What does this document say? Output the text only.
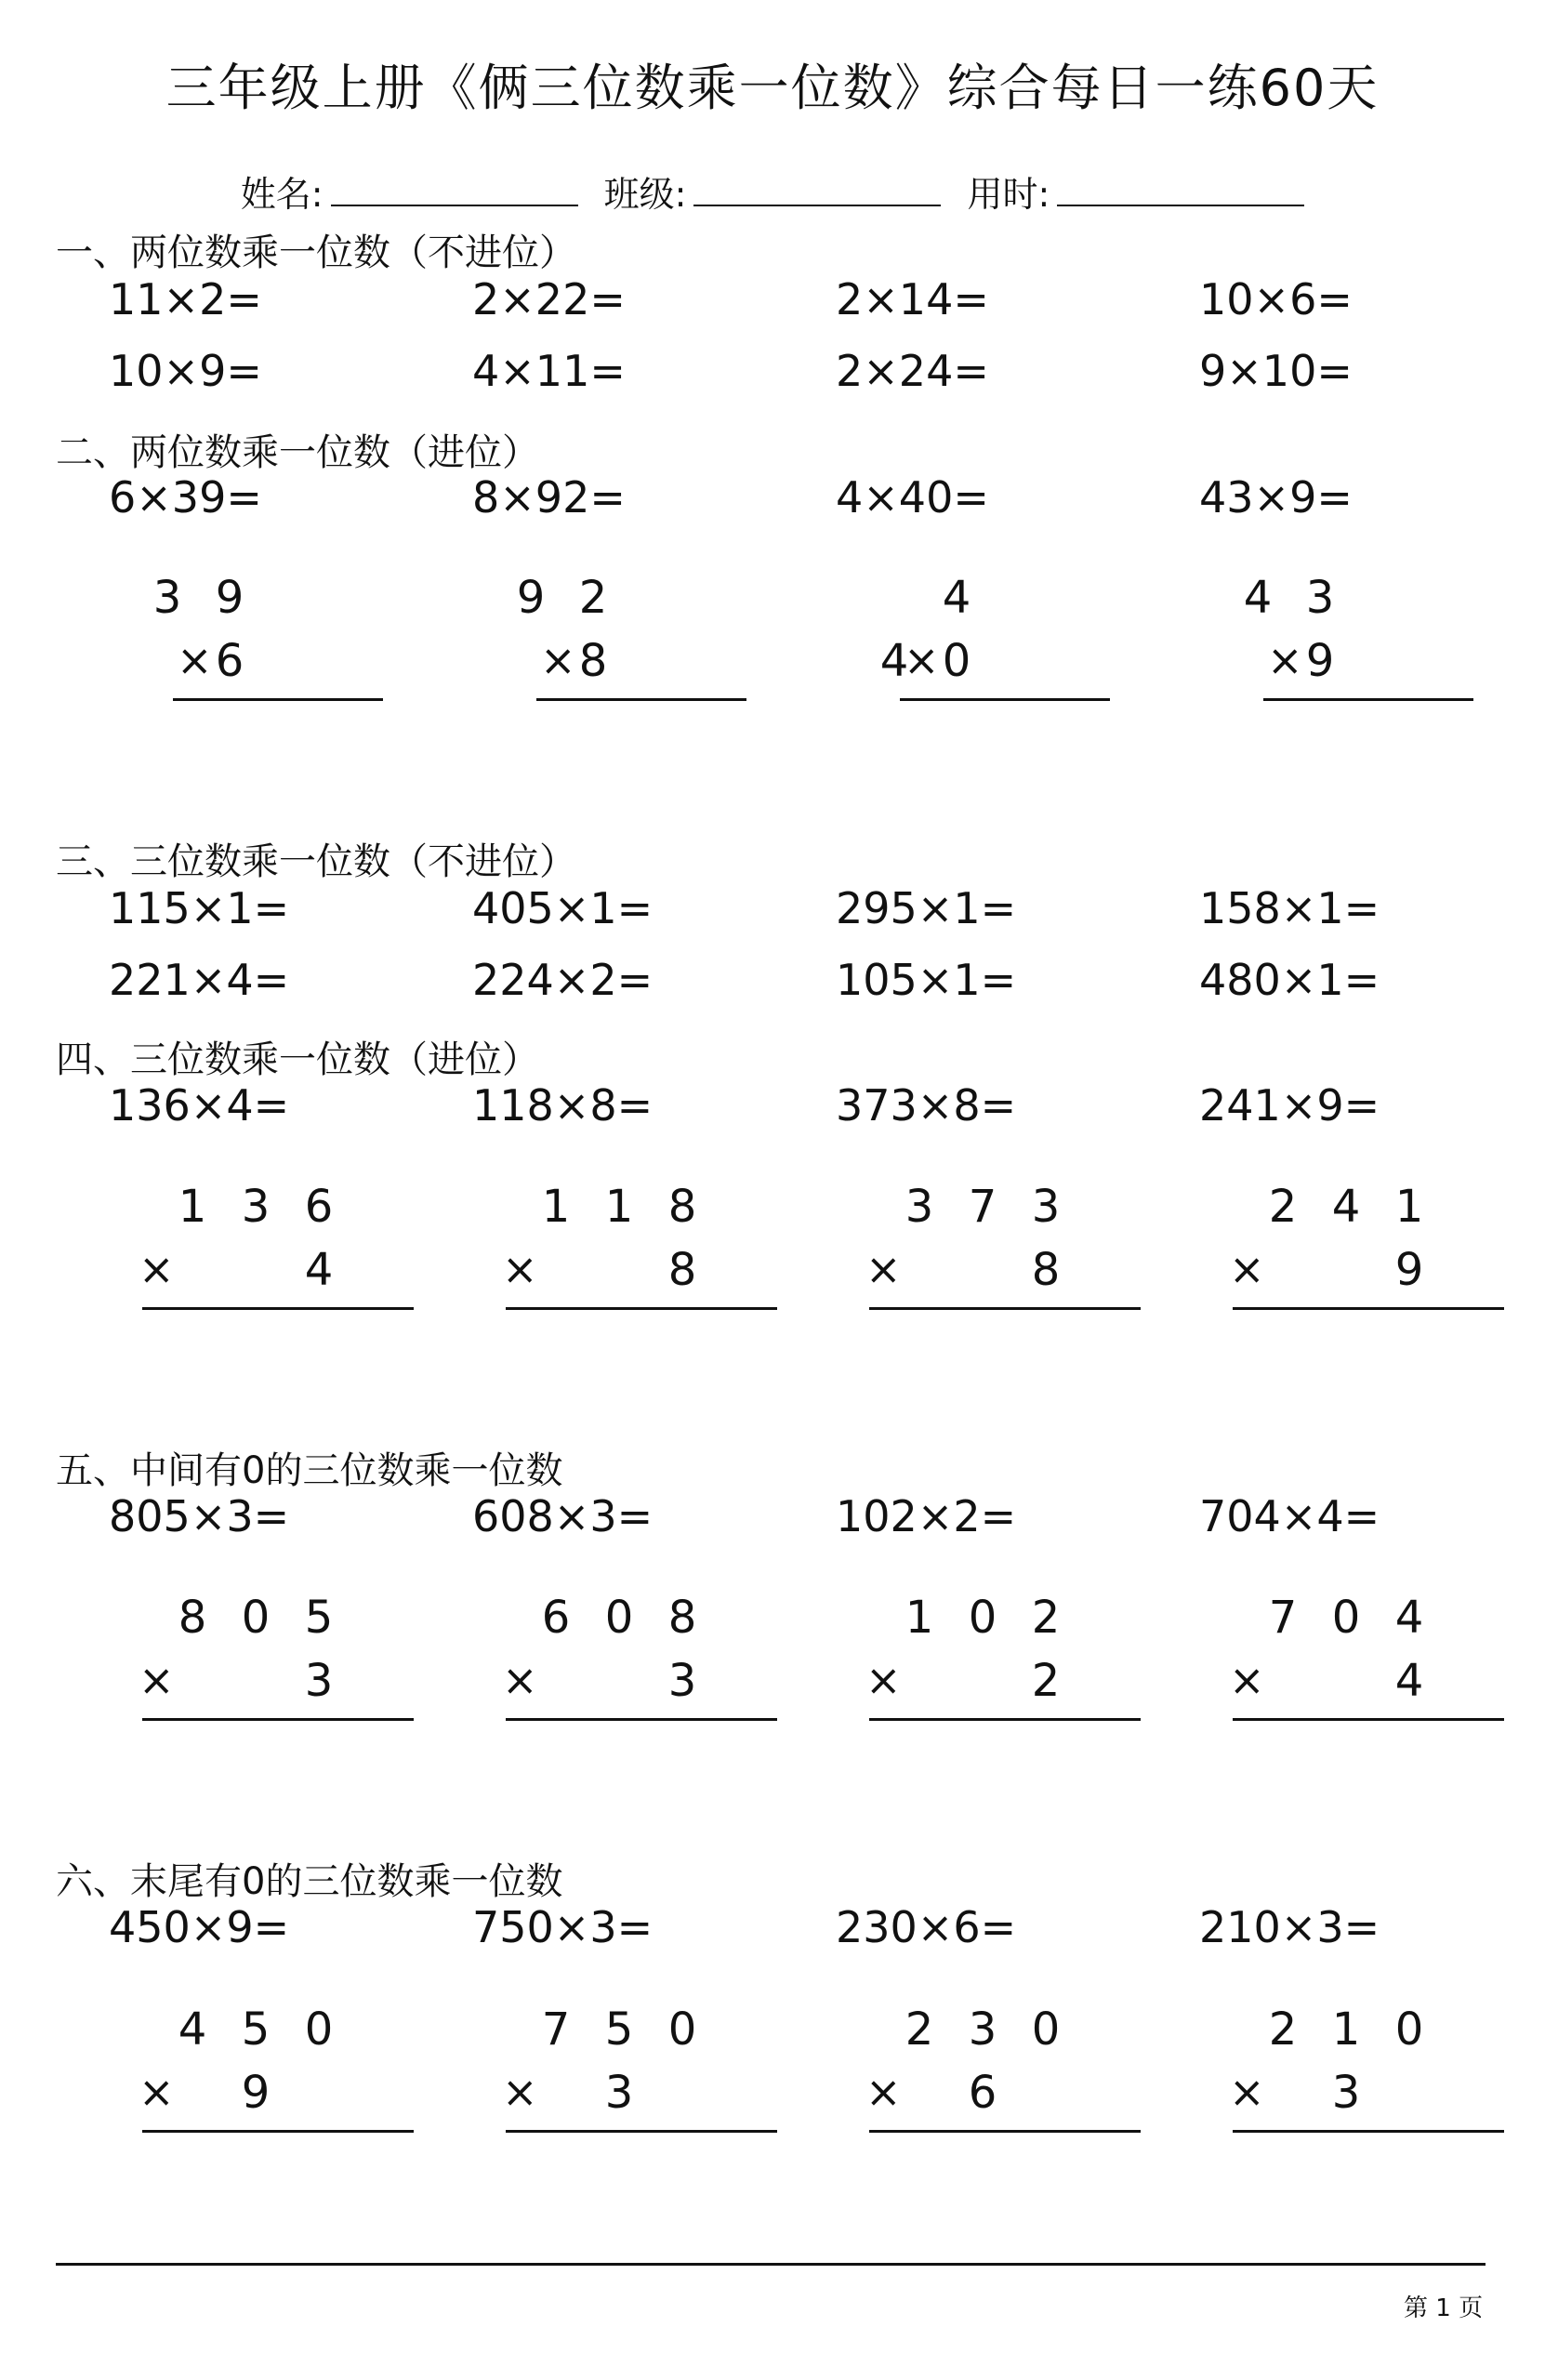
三年级上册《俩三位数乘一位数》综合每日一练60天
姓名:	班级:	用时:
一、两位数乘一位数（不进位）
11×2=	2×22=	2×14=	10×6=
10×9=	4×11=	2×24=	9×10=
二、两位数乘一位数（进位）
6×39=	8×92=	4×40=	43×9=
3 9
× 6
9 2
× 8
4
×
4 0
4 3
× 9
三、三位数乘一位数（不进位）
115×1=	405×1=	295×1=	158×1=
221×4=	224×2=	105×1=	480×1=
四、三位数乘一位数（进位）
136×4=	118×8=	373×8=	241×9=
1 3 6
×	4
1 1 8
×	8
3 7 3
×	8
2 4 1
×	9
五、中间有0的三位数乘一位数
805×3=	608×3=	102×2=	704×4=
8 0 5
×	3
6 0 8
×	3
1 0 2
×	2
7 0 4
×	4
六、末尾有0的三位数乘一位数
450×9=	750×3=	230×6=	210×3=
4 5 0
× 9
7 5 0
× 3
2 3 0
× 6
2 1 0
× 3
第 1 页
